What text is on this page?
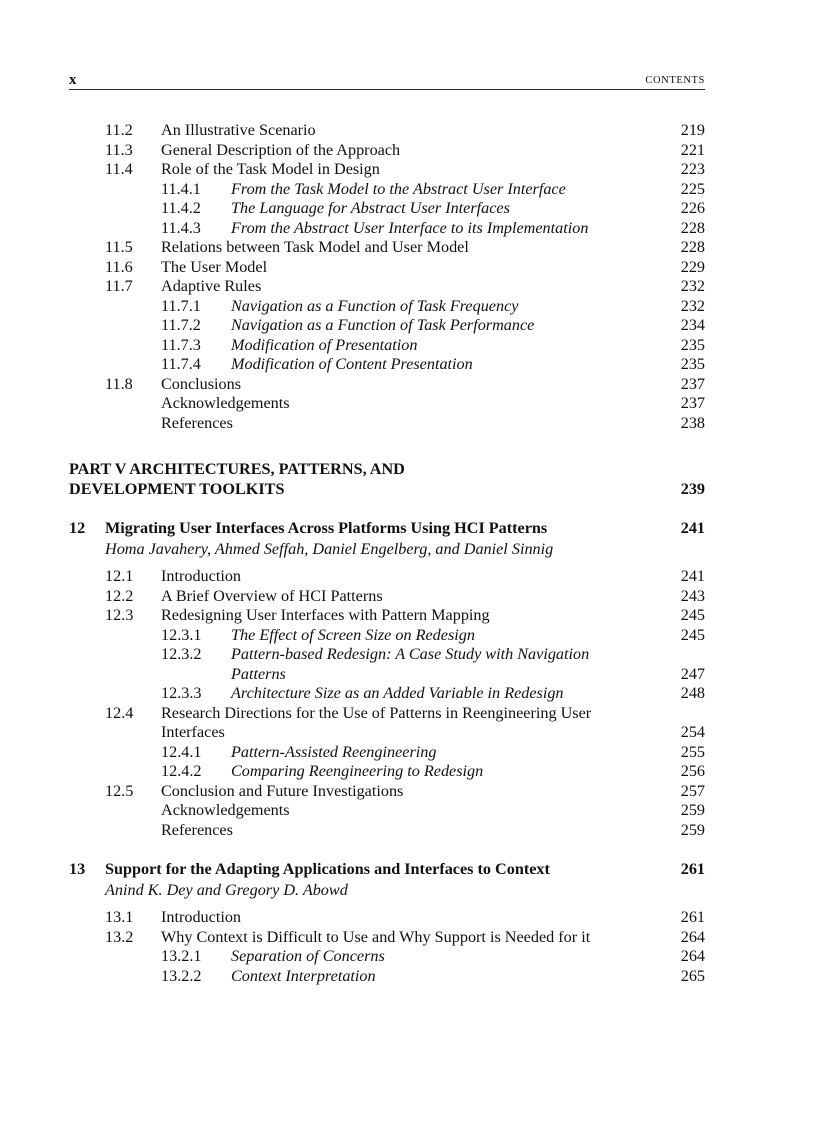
x	CONTENTS
11.2 An Illustrative Scenario	219
11.3 General Description of the Approach	221
11.4 Role of the Task Model in Design	223
11.4.1 From the Task Model to the Abstract User Interface	225
11.4.2 The Language for Abstract User Interfaces	226
11.4.3 From the Abstract User Interface to its Implementation	228
11.5 Relations between Task Model and User Model	228
11.6 The User Model	229
11.7 Adaptive Rules	232
11.7.1 Navigation as a Function of Task Frequency	232
11.7.2 Navigation as a Function of Task Performance	234
11.7.3 Modification of Presentation	235
11.7.4 Modification of Content Presentation	235
11.8 Conclusions	237
Acknowledgements	237
References	238
PART V ARCHITECTURES, PATTERNS, AND
DEVELOPMENT TOOLKITS	239
12 Migrating User Interfaces Across Platforms Using HCI Patterns	241
Homa Javahery, Ahmed Seffah, Daniel Engelberg, and Daniel Sinnig
12.1 Introduction	241
12.2 A Brief Overview of HCI Patterns	243
12.3 Redesigning User Interfaces with Pattern Mapping	245
12.3.1 The Effect of Screen Size on Redesign	245
12.3.2 Pattern-based Redesign: A Case Study with Navigation
Patterns	247
12.3.3 Architecture Size as an Added Variable in Redesign	248
12.4 Research Directions for the Use of Patterns in Reengineering User
Interfaces	254
12.4.1 Pattern-Assisted Reengineering	255
12.4.2 Comparing Reengineering to Redesign	256
12.5 Conclusion and Future Investigations	257
Acknowledgements	259
References	259
13 Support for the Adapting Applications and Interfaces to Context	261
Anind K. Dey and Gregory D. Abowd
13.1 Introduction	261
13.2 Why Context is Difficult to Use and Why Support is Needed for it	264
13.2.1 Separation of Concerns	264
13.2.2 Context Interpretation	265
